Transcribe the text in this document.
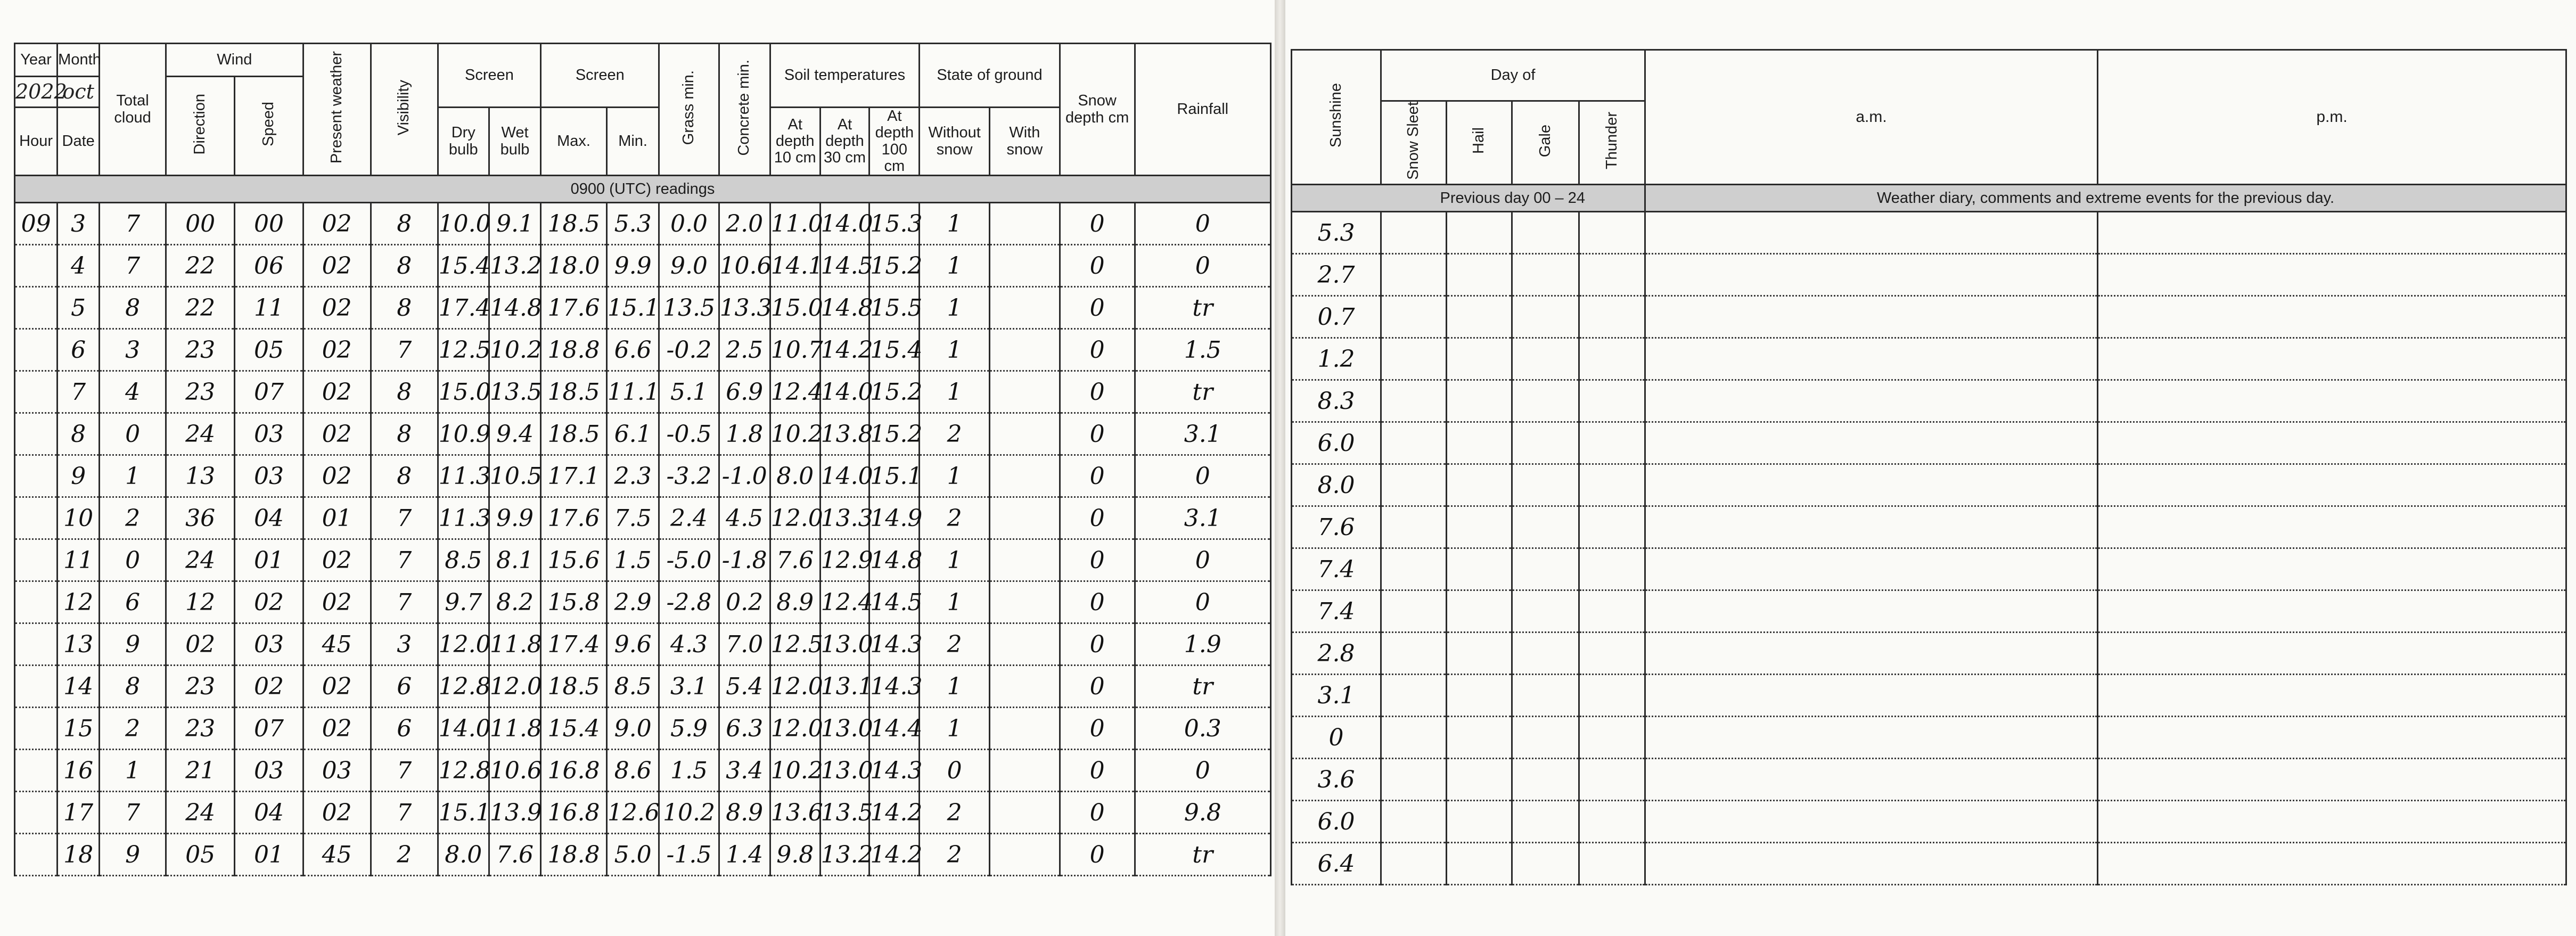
Year	Month	Total cloud	Wind		Present weather	Visibility	Screen		Screen		Grass min.	Concrete min.	Soil temperatures			State of ground		Snow depth cm	Rainfall
2022	oct		Direction	Speed															
Hour	Date						Dry bulb	Wet bulb	Max.	Min.			At depth 10 cm	At depth 30 cm	At depth 100 cm	Without snow	With snow		

0900 (UTC) readings																			
09	3	7	00	00	02	8	10.0	9.1	18.5	5.3	0.0	2.0	11.0	14.0	15.3	1		0	0
	4	7	22	06	02	8	15.4	13.2	18.0	9.9	9.0	10.6	14.1	14.5	15.2	1		0	0
	5	8	22	11	02	8	17.4	14.8	17.6	15.1	13.5	13.3	15.0	14.8	15.5	1		0	tr
	6	3	23	05	02	7	12.5	10.2	18.8	6.6	-0.2	2.5	10.7	14.2	15.4	1		0	1.5
	7	4	23	07	02	8	15.0	13.5	18.5	11.1	5.1	6.9	12.4	14.0	15.2	1		0	tr
	8	0	24	03	02	8	10.9	9.4	18.5	6.1	-0.5	1.8	10.2	13.8	15.2	2		0	3.1
	9	1	13	03	02	8	11.3	10.5	17.1	2.3	-3.2	-1.0	8.0	14.0	15.1	1		0	0
	10	2	36	04	01	7	11.3	9.9	17.6	7.5	2.4	4.5	12.0	13.3	14.9	2		0	3.1
	11	0	24	01	02	7	8.5	8.1	15.6	1.5	-5.0	-1.8	7.6	12.9	14.8	1		0	0
	12	6	12	02	02	7	9.7	8.2	15.8	2.9	-2.8	0.2	8.9	12.4	14.5	1		0	0
	13	9	02	03	45	3	12.0	11.8	17.4	9.6	4.3	7.0	12.5	13.0	14.3	2		0	1.9
	14	8	23	02	02	6	12.8	12.0	18.5	8.5	3.1	5.4	12.0	13.1	14.3	1		0	tr
	15	2	23	07	02	6	14.0	11.8	15.4	9.0	5.9	6.3	12.0	13.0	14.4	1		0	0.3
	16	1	21	03	03	7	12.8	10.6	16.8	8.6	1.5	3.4	10.2	13.0	14.3	0		0	0
	17	7	24	04	02	7	15.1	13.9	16.8	12.6	10.2	8.9	13.6	13.5	14.2	2		0	9.8
	18	9	05	01	45	2	8.0	7.6	18.8	5.0	-1.5	1.4	9.8	13.2	14.2	2		0	tr
Sunshine	Day of				a.m.	p.m.
	Snow Sleet	Hail	Gale	Thunder		
	Previous day 00 – 24				Weather diary, comments and extreme events for the previous day.	
5.3						
2.7						
0.7						
1.2						
8.3						
6.0						
8.0						
7.6						
7.4						
7.4						
2.8						
3.1						
0						
3.6						
6.0						
6.4						
